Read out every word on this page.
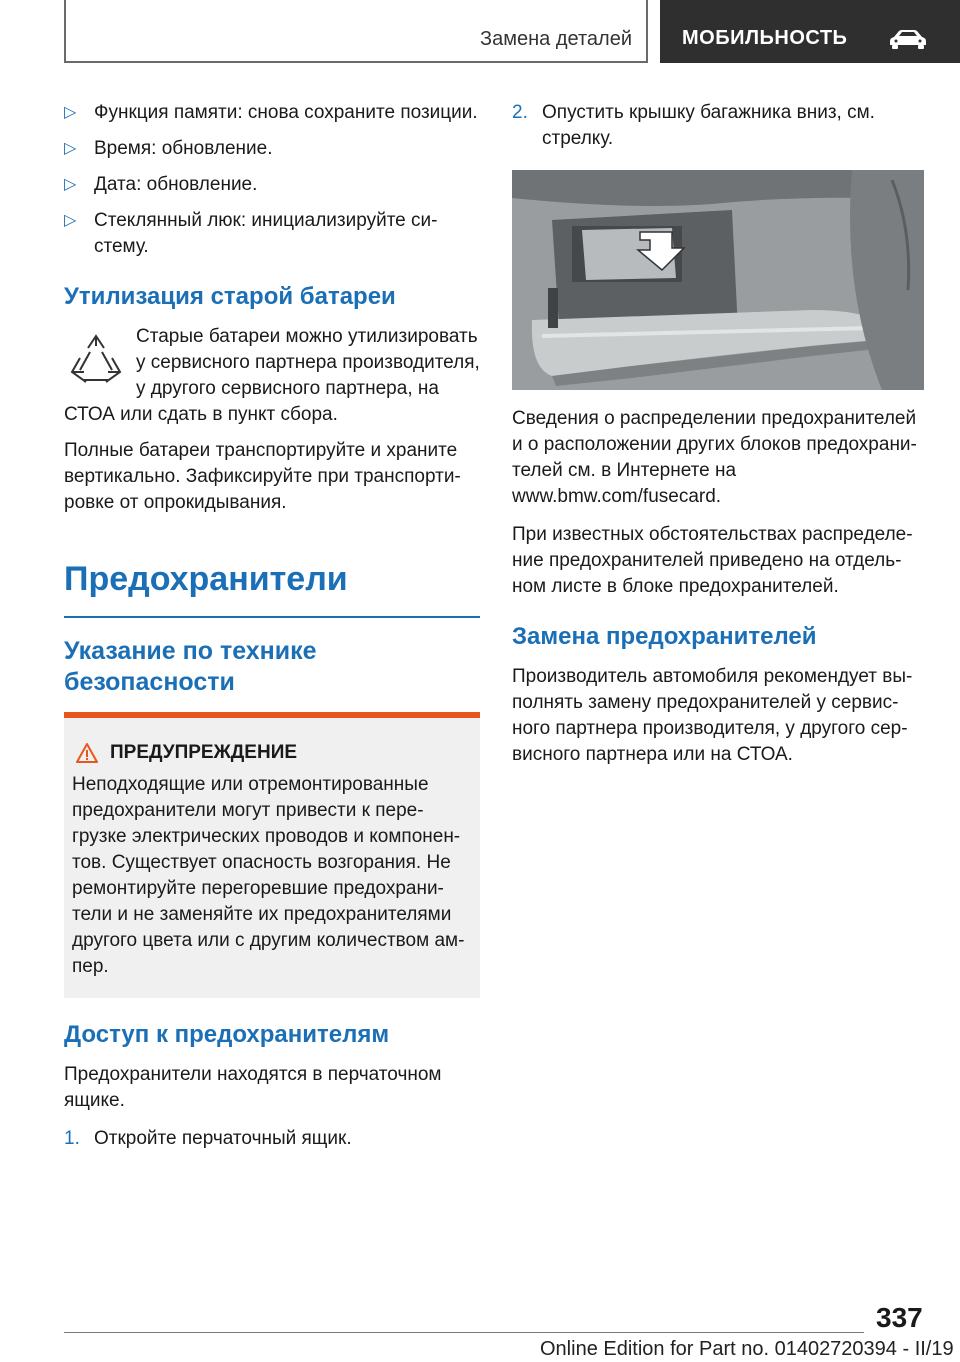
Замена деталей	МОБИЛЬНОСТЬ
▷ Функция памяти: снова сохраните позиции.
▷ Время: обновление.
▷ Дата: обновление.
▷ Стеклянный люк: инициализируйте си-стему.
Утилизация старой батареи
Старые батареи можно утилизировать у сервисного партнера производителя, у другого сервисного партнера, на СТОА или сдать в пункт сбора.

Полные батареи транспортируйте и храните вертикально. Зафиксируйте при транспорти-ровке от опрокидывания.

Предохранители
Указание по технике безопасности
ПРЕДУПРЕЖДЕНИЕ

Неподходящие или отремонтированные предохранители могут привести к пере-грузке электрических проводов и компонен-тов. Существует опасность возгорания. Не ремонтируйте перегоревшие предохрани-тели и не заменяйте их предохранителями другого цвета или с другим количеством ам-пер.

Доступ к предохранителям

Предохранители находятся в перчаточном ящике.

1. Откройте перчаточный ящик.
2. Опустить крышку багажника вниз, см. стрелку.

Сведения о распределении предохранителей и о расположении других блоков предохрани-телей см. в Интернете на www.bmw.com/fusecard.

При известных обстоятельствах распределе-ние предохранителей приведено на отдель-ном листе в блоке предохранителей.

Замена предохранителей

Производитель автомобиля рекомендует вы-полнять замену предохранителей у сервис-ного партнера производителя, у другого сер-висного партнера или на СТОА.

337
Online Edition for Part no. 01402720394 - II/19
